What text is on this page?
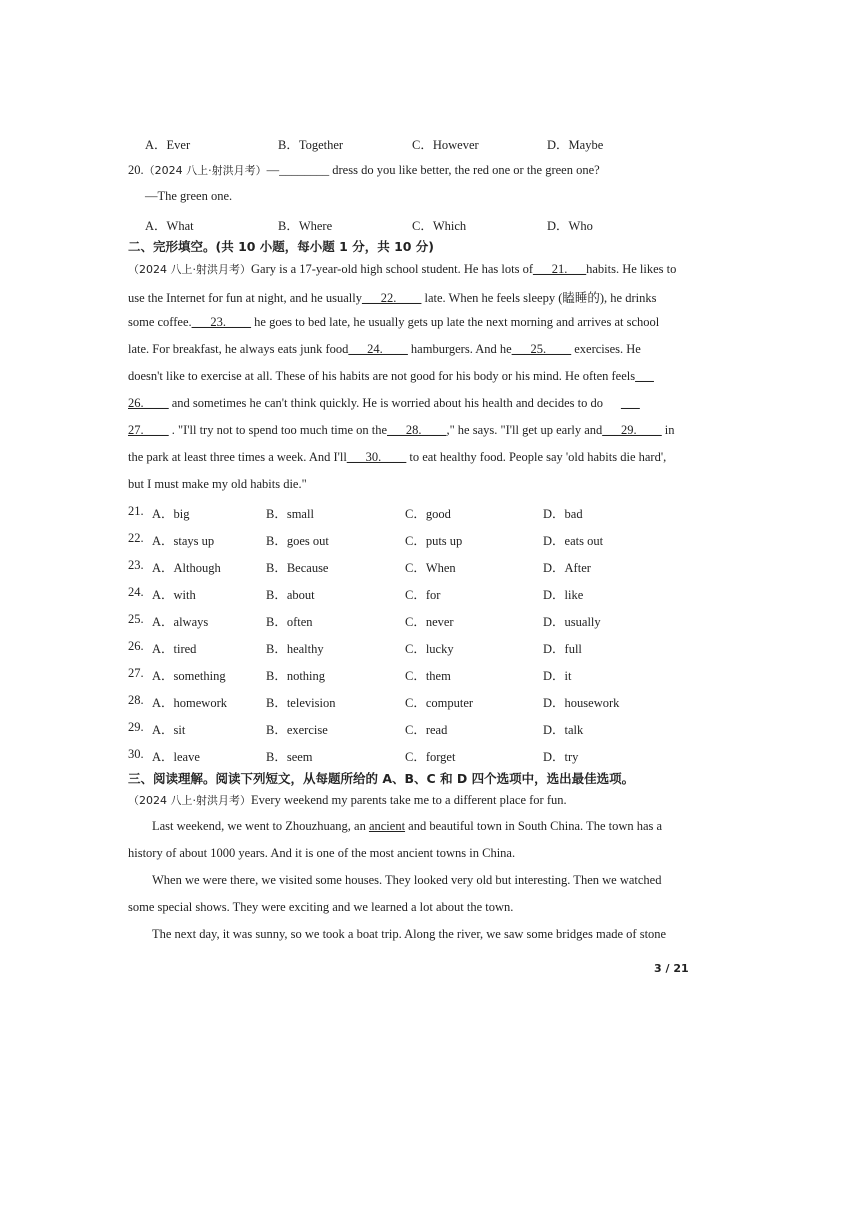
A．Ever	B．Together	C．However	D．Maybe
20.（2024 八上·射洪月考）—________ dress do you like better, the red one or the green one?
—The green one.
A．What	B．Where	C．Which	D．Who
二、完形填空。(共 10 小题，每小题 1 分，共 10 分)
（2024 八上·射洪月考）Gary is a 17-year-old high school student. He has lots of___21.___habits. He likes to
use the Internet for fun at night, and he usually___22.____ late. When he feels sleepy (瞌睡的), he drinks
some coffee.___23.____ he goes to bed late, he usually gets up late the next morning and arrives at school
late. For breakfast, he always eats junk food___24.____ hamburgers. And he___25.____ exercises. He
doesn't like to exercise at all. These of his habits are not good for his body or his mind. He often feels___
26.____ and sometimes he can't think quickly. He is worried about his health and decides to do ___
27.____ . "I'll try not to spend too much time on the___28.____," he says. "I'll get up early and___29.____ in
the park at least three times a week. And I'll___30.____ to eat healthy food. People say 'old habits die hard',
but I must make my old habits die."
21. A．big	B．small	C．good	D．bad
22. A．stays up	B．goes out	C．puts up	D．eats out
23. A．Although	B．Because	C．When	D．After
24. A．with	B．about	C．for	D．like
25. A．always	B．often	C．never	D．usually
26. A．tired	B．healthy	C．lucky	D．full
27. A．something	B．nothing	C．them	D．it
28. A．homework	B．television	C．computer	D．housework
29. A．sit	B．exercise	C．read	D．talk
30. A．leave	B．seem	C．forget	D．try
三、阅读理解。阅读下列短文，从每题所给的 A、B、C 和 D 四个选项中，选出最佳选项。
（2024 八上·射洪月考）Every weekend my parents take me to a different place for fun.
Last weekend, we went to Zhouzhuang, an ancient and beautiful town in South China. The town has a
history of about 1000 years. And it is one of the most ancient towns in China.
When we were there, we visited some houses. They looked very old but interesting. Then we watched
some special shows. They were exciting and we learned a lot about the town.
The next day, it was sunny, so we took a boat trip. Along the river, we saw some bridges made of stone
3 / 21
